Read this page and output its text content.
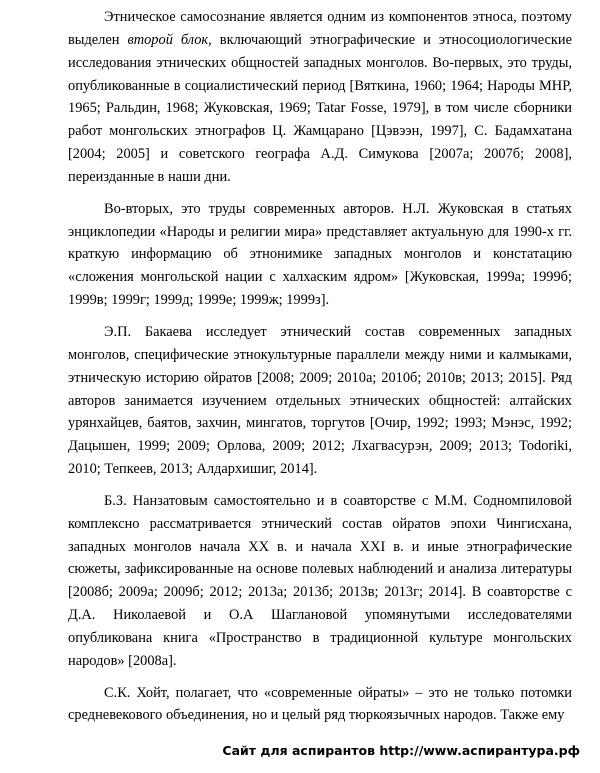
Этническое самосознание является одним из компонентов этноса, поэтому выделен второй блок, включающий этнографические и этносоциологические исследования этнических общностей западных монголов. Во-первых, это труды, опубликованные в социалистический период [Вяткина, 1960; 1964; Народы МНР, 1965; Ральдин, 1968; Жуковская, 1969; Tatar Fosse, 1979], в том числе сборники работ монгольских этнографов Ц. Жамцарано [Цэвээн, 1997], С. Бадамхатана [2004; 2005] и советского географа А.Д. Симукова [2007а; 2007б; 2008], переизданные в наши дни.

Во-вторых, это труды современных авторов. Н.Л. Жуковская в статьях энциклопедии «Народы и религии мира» представляет актуальную для 1990-х гг. краткую информацию об этнонимике западных монголов и констатацию «сложения монгольской нации с халхаским ядром» [Жуковская, 1999а; 1999б; 1999в; 1999г; 1999д; 1999е; 1999ж; 1999з].

Э.П. Бакаева исследует этнический состав современных западных монголов, специфические этнокультурные параллели между ними и калмыками, этническую историю ойратов [2008; 2009; 2010а; 2010б; 2010в; 2013; 2015]. Ряд авторов занимается изучением отдельных этнических общностей: алтайских урянхайцев, баятов, захчин, мингатов, торгутов [Очир, 1992; 1993; Мэнэс, 1992; Дацышен, 1999; 2009; Орлова, 2009; 2012; Лхагвасурэн, 2009; 2013; Todoriki, 2010; Тепкеев, 2013; Алдархишиг, 2014].

Б.З. Нанзатовым самостоятельно и в соавторстве с М.М. Содномпиловой комплексно рассматривается этнический состав ойратов эпохи Чингисхана, западных монголов начала XX в. и начала XXI в. и иные этнографические сюжеты, зафиксированные на основе полевых наблюдений и анализа литературы [2008б; 2009а; 2009б; 2012; 2013а; 2013б; 2013в; 2013г; 2014]. В соавторстве с Д.А. Николаевой и О.А Шаглановой упомянутыми исследователями опубликована книга «Пространство в традиционной культуре монгольских народов» [2008а].

С.К. Хойт, полагает, что «современные ойраты» – это не только потомки средневекового объединения, но и целый ряд тюркоязычных народов. Также ему

Сайт для аспирантов http://www.аспирантура.рф
